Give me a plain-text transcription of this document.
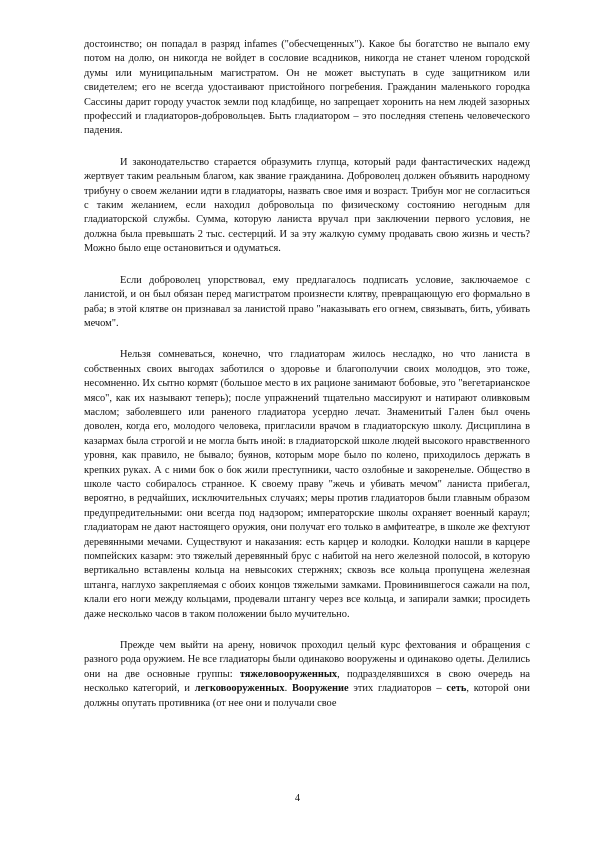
достоинство; он попадал в разряд infames ("обесчещенных"). Какое бы богатство не выпало ему потом на долю, он никогда не войдет в сословие всадников, никогда не станет членом городской думы или муниципальным магистратом. Он не может выступать в суде защитником или свидетелем; его не всегда удостаивают пристойного погребения. Гражданин маленького городка Сассины дарит городу участок земли под кладбище, но запрещает хоронить на нем людей зазорных профессий и гладиаторов-добровольцев. Быть гладиатором – это последняя степень человеческого падения.

И законодательство старается образумить глупца, который ради фантастических надежд жертвует таким реальным благом, как звание гражданина. Доброволец должен объявить народному трибуну о своем желании идти в гладиаторы, назвать свое имя и возраст. Трибун мог не согласиться с таким желанием, если находил добровольца по физическому состоянию негодным для гладиаторской службы. Сумма, которую ланиста вручал при заключении первого условия, не должна была превышать 2 тыс. сестерций. И за эту жалкую сумму продавать свою жизнь и честь? Можно было еще остановиться и одуматься.

Если доброволец упорствовал, ему предлагалось подписать условие, заключаемое с ланистой, и он был обязан перед магистратом произнести клятву, превращающую его формально в раба; в этой клятве он признавал за ланистой право "наказывать его огнем, связывать, бить, убивать мечом".

Нельзя сомневаться, конечно, что гладиаторам жилось несладко, но что ланиста в собственных своих выгодах заботился о здоровье и благополучии своих молодцов, это тоже, несомненно. Их сытно кормят (большое место в их рационе занимают бобовые, это "вегетарианское мясо", как их называют теперь); после упражнений тщательно массируют и натирают оливковым маслом; заболевшего или раненого гладиатора усердно лечат. Знаменитый Гален был очень доволен, когда его, молодого человека, пригласили врачом в гладиаторскую школу. Дисциплина в казармах была строгой и не могла быть иной: в гладиаторской школе людей высокого нравственного уровня, как правило, не бывало; буянов, которым море было по колено, приходилось держать в крепких руках. А с ними бок о бок жили преступники, часто озлобные и закоренелые. Общество в школе часто собиралось странное. К своему праву "жечь и убивать мечом" ланиста прибегал, вероятно, в редчайших, исключительных случаях; меры против гладиаторов были главным образом предупредительными: они всегда под надзором; императорские школы охраняет военный караул; гладиаторам не дают настоящего оружия, они получат его только в амфитеатре, в школе же фехтуют деревянными мечами. Существуют и наказания: есть карцер и колодки. Колодки нашли в карцере помпейских казарм: это тяжелый деревянный брус с набитой на него железной полосой, в которую вертикально вставлены кольца на невысоких стержнях; сквозь все кольца пропущена железная штанга, наглухо закрепляемая с обоих концов тяжелыми замками. Провинившегося сажали на пол, клали его ноги между кольцами, продевали штангу через все кольца, и запирали замки; просидеть даже несколько часов в таком положении было мучительно.

Прежде чем выйти на арену, новичок проходил целый курс фехтования и обращения с разного рода оружием. Не все гладиаторы были одинаково вооружены и одинаково одеты. Делились они на две основные группы: тяжеловооруженных, подразделявшихся в свою очередь на несколько категорий, и легковооруженных. Вооружение этих гладиаторов – сеть, которой они должны опутать противника (от нее они и получали свое

4
